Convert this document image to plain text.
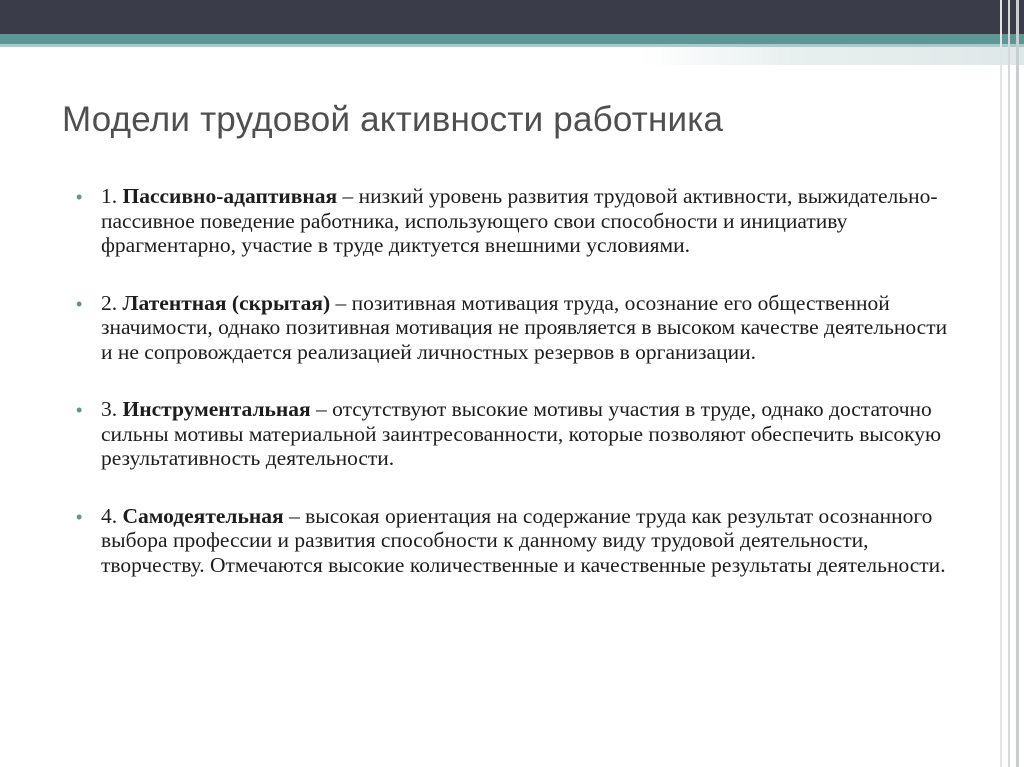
Модели трудовой активности работника
• 1. Пассивно-адаптивная – низкий уровень развития трудовой активности, выжидательно-пассивное поведение работника, использующего свои способности и инициативу фрагментарно, участие в труде диктуется внешними условиями.
• 2. Латентная (скрытая) – позитивная мотивация труда, осознание его общественной значимости, однако позитивная мотивация не проявляется в высоком качестве деятельности и не сопровождается реализацией личностных резервов в организации.
• 3. Инструментальная – отсутствуют высокие мотивы участия в труде, однако достаточно сильны мотивы материальной заинтресованности, которые позволяют обеспечить высокую результативность деятельности.
• 4. Самодеятельная – высокая ориентация на содержание труда как результат осознанного выбора профессии и развития способности к данному виду трудовой деятельности, творчеству. Отмечаются высокие количественные и качественные результаты деятельности.
